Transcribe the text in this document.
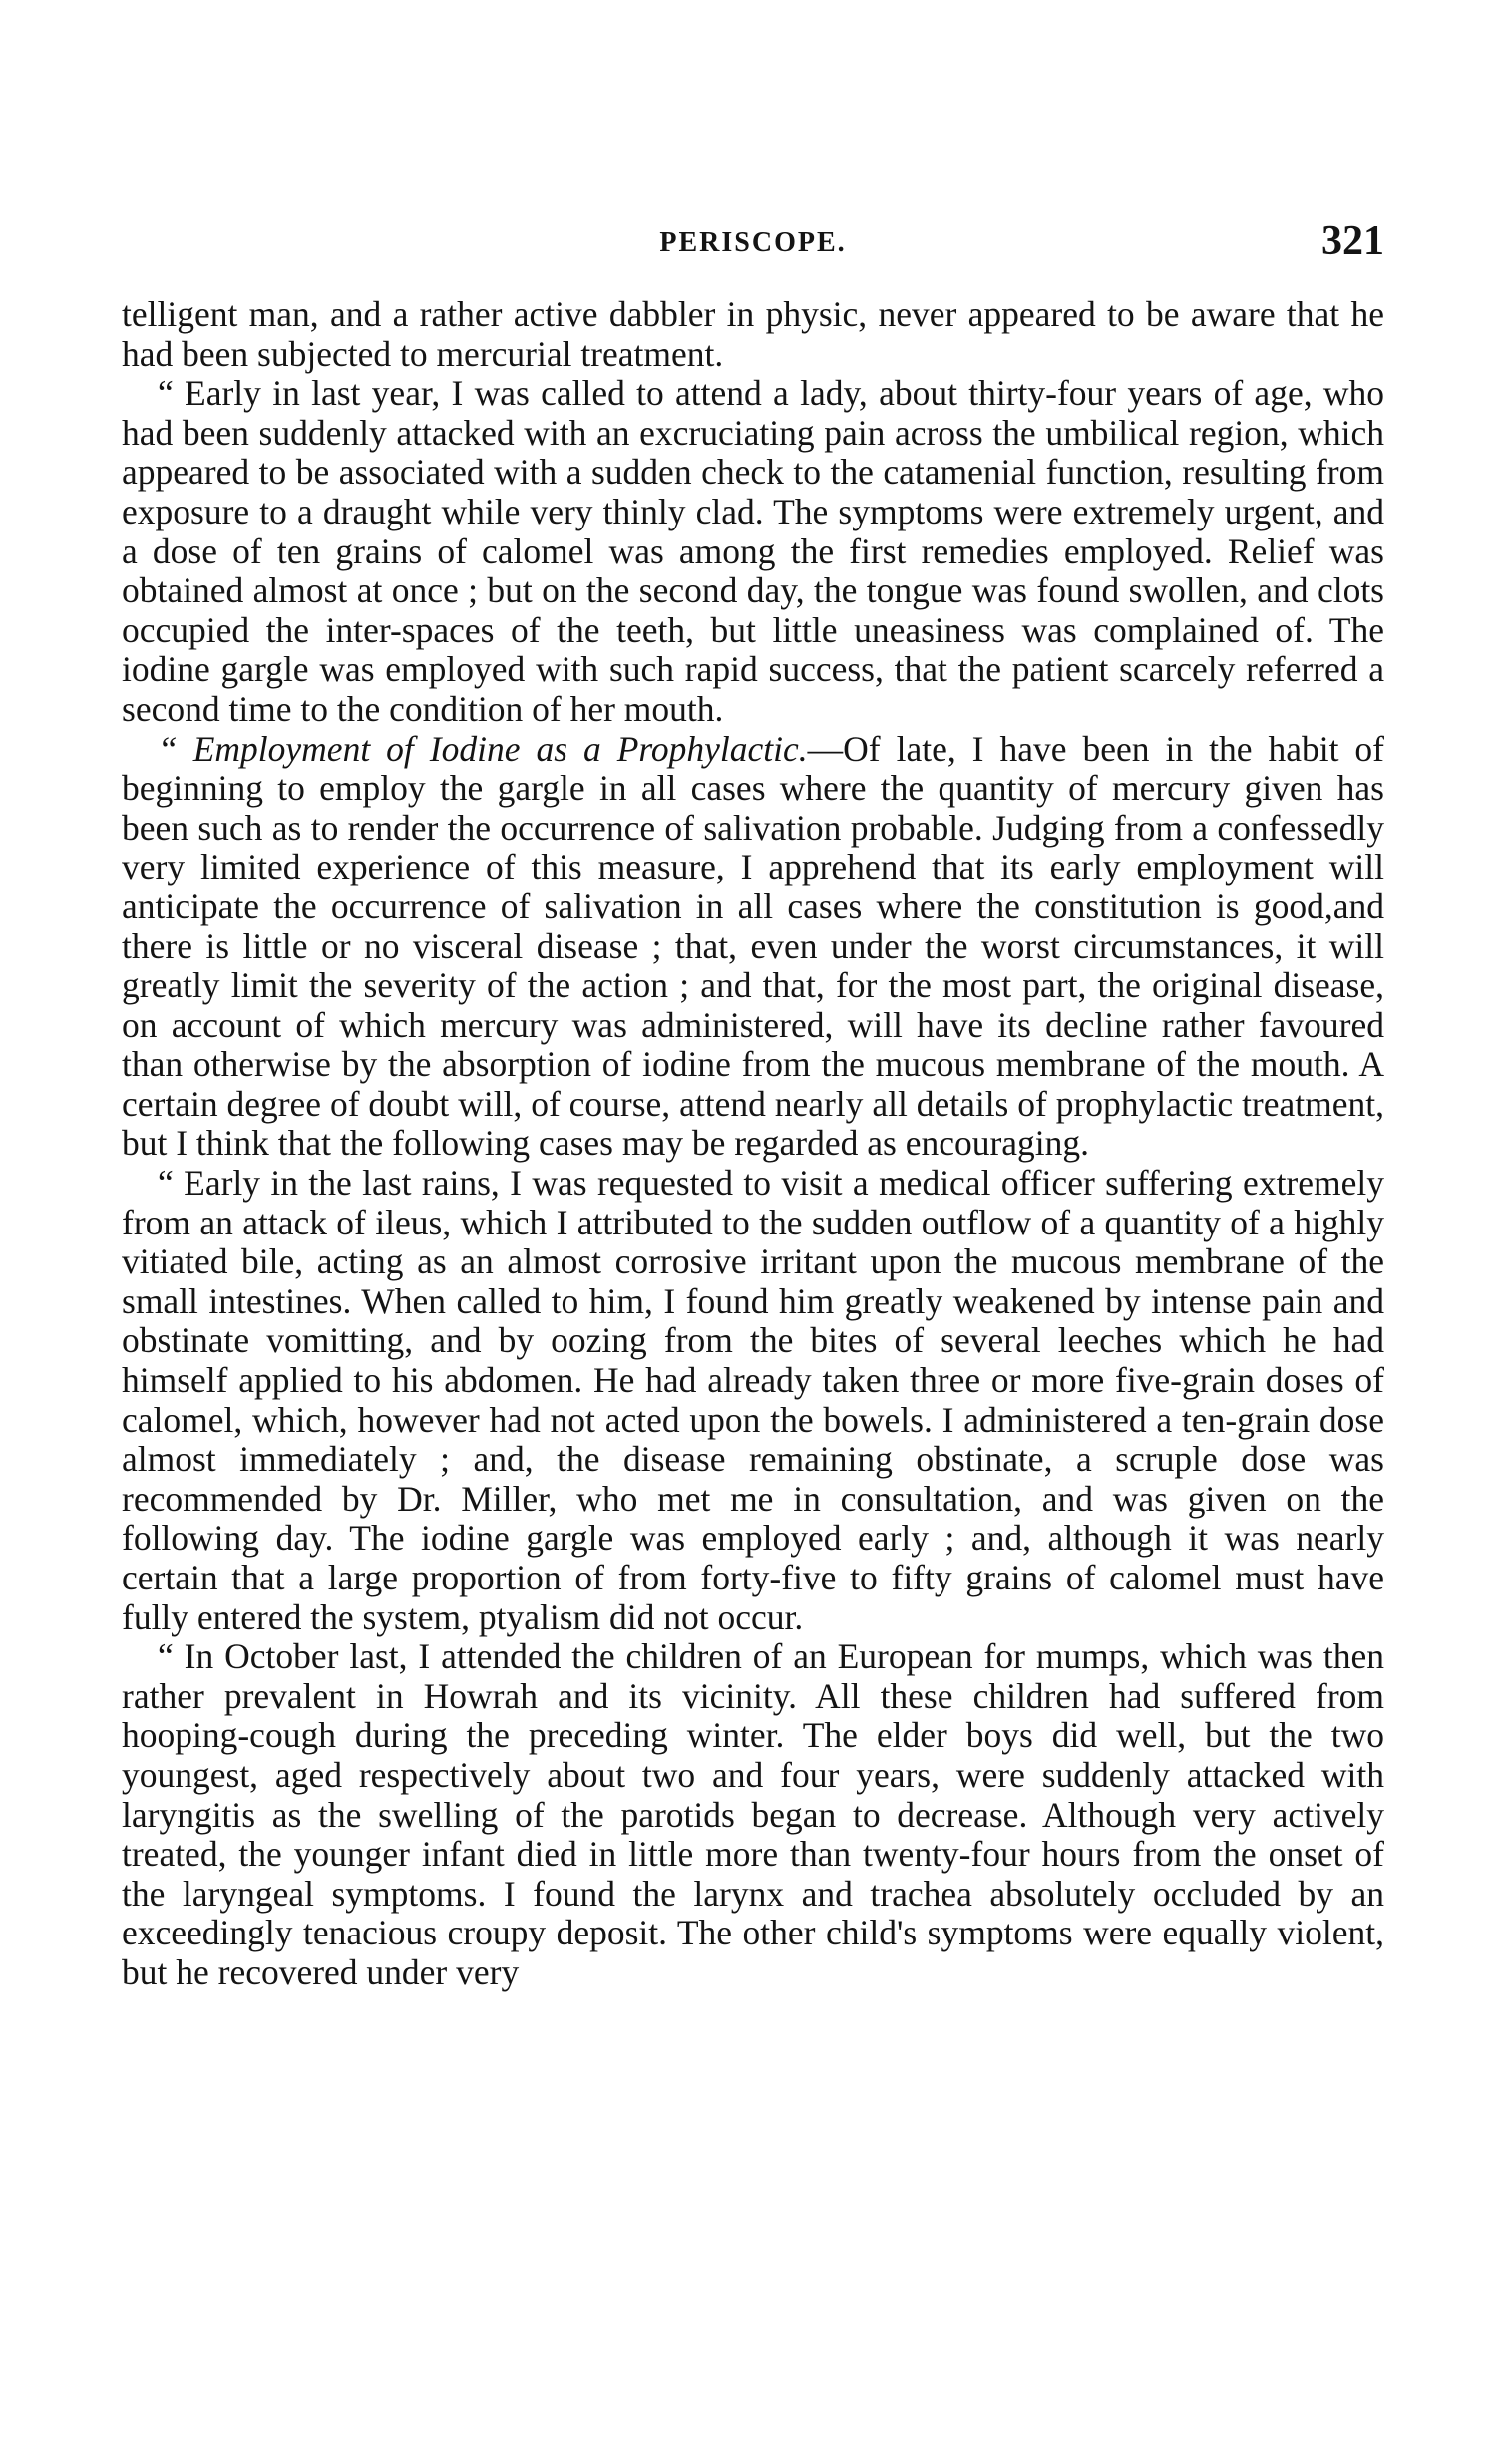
PERISCOPE.	321

telligent man, and a rather active dabbler in physic, never appeared to be aware that he had been subjected to mercurial treatment.

“ Early in last year, I was called to attend a lady, about thirty-four years of age, who had been suddenly attacked with an excruciating pain across the umbilical region, which appeared to be associated with a sudden check to the catamenial function, resulting from exposure to a draught while very thinly clad. The symptoms were extremely urgent, and a dose of ten grains of calomel was among the first remedies employed. Relief was obtained almost at once ; but on the second day, the tongue was found swollen, and clots occupied the inter-spaces of the teeth, but little uneasiness was complained of. The iodine gargle was employed with such rapid success, that the patient scarcely referred a second time to the condition of her mouth.

“ Employment of Iodine as a Prophylactic.—Of late, I have been in the habit of beginning to employ the gargle in all cases where the quantity of mercury given has been such as to render the occurrence of salivation probable. Judging from a confessedly very limited experience of this measure, I apprehend that its early employment will anticipate the occurrence of salivation in all cases where the constitution is good,and there is little or no visceral disease ; that, even under the worst circumstances, it will greatly limit the severity of the action ; and that, for the most part, the original disease, on account of which mercury was administered, will have its decline rather favoured than otherwise by the absorption of iodine from the mucous membrane of the mouth. A certain degree of doubt will, of course, attend nearly all details of prophylactic treatment, but I think that the following cases may be regarded as encouraging.

“ Early in the last rains, I was requested to visit a medical officer suffering extremely from an attack of ileus, which I attributed to the sudden outflow of a quantity of a highly vitiated bile, acting as an almost corrosive irritant upon the mucous membrane of the small intestines. When called to him, I found him greatly weakened by intense pain and obstinate vomitting, and by oozing from the bites of several leeches which he had himself applied to his abdomen. He had already taken three or more five-grain doses of calomel, which, however had not acted upon the bowels. I administered a ten-grain dose almost immediately ; and, the disease remaining obstinate, a scruple dose was recommended by Dr. Miller, who met me in consultation, and was given on the following day. The iodine gargle was employed early ; and, although it was nearly certain that a large proportion of from forty-five to fifty grains of calomel must have fully entered the system, ptyalism did not occur.

“ In October last, I attended the children of an European for mumps, which was then rather prevalent in Howrah and its vicinity. All these children had suffered from hooping-cough during the preceding winter. The elder boys did well, but the two youngest, aged respectively about two and four years, were suddenly attacked with laryngitis as the swelling of the parotids began to decrease. Although very actively treated, the younger infant died in little more than twenty-four hours from the onset of the laryngeal symptoms. I found the larynx and trachea absolutely occluded by an exceedingly tenacious croupy deposit. The other child's symptoms were equally violent, but he recovered under very
